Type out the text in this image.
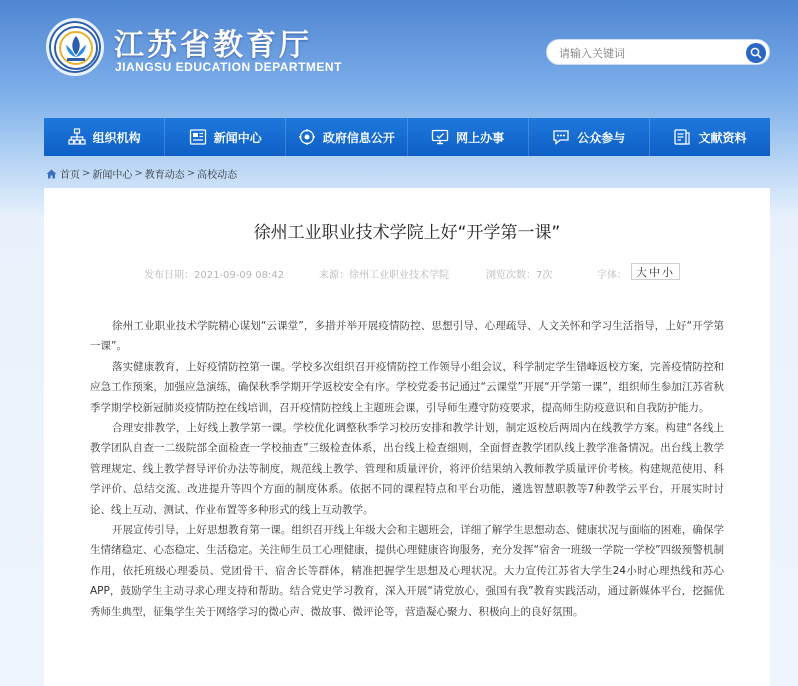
江苏省教育厅
JIANGSU EDUCATION DEPARTMENT
请输入关键词
组织机构	新闻中心	政府信息公开	网上办事	公众参与	文献资料
首页 > 新闻中心 > 教育动态 > 高校动态
徐州工业职业技术学院上好“开学第一课”
发布日期：2021-09-09 08:42	来源：徐州工业职业技术学院	浏览次数：7次	字体： 大 中 小

徐州工业职业技术学院精心谋划“云课堂”，多措并举开展疫情防控、思想引导、心理疏导、人文关怀和学习生活指导，上好“开学第一课”。

落实健康教育，上好疫情防控第一课。学校多次组织召开疫情防控工作领导小组会议，科学制定学生错峰返校方案，完善疫情防控和应急工作预案，加强应急演练，确保秋季学期开学返校安全有序。学校党委书记通过“云课堂”开展“开学第一课”，组织师生参加江苏省秋季学期学校新冠肺炎疫情防控在线培训，召开疫情防控线上主题班会课，引导师生遵守防疫要求，提高师生防疫意识和自我防护能力。

合理安排教学，上好线上教学第一课。学校优化调整秋季学习校历安排和教学计划，制定返校后两周内在线教学方案。构建“各线上教学团队自查一二级院部全面检查一学校抽查”三级检查体系，出台线上检查细则，全面督查教学团队线上教学准备情况。出台线上教学管理规定、线上教学督导评价办法等制度，规范线上教学、管理和质量评价，将评价结果纳入教师教学质量评价考核。构建规范使用、科学评价、总结交流、改进提升等四个方面的制度体系。依据不同的课程特点和平台功能，遴选智慧职教等7种教学云平台，开展实时讨论、线上互动、测试、作业布置等多种形式的线上互动教学。

开展宣传引导，上好思想教育第一课。组织召开线上年级大会和主题班会，详细了解学生思想动态、健康状况与面临的困难，确保学生情绪稳定、心态稳定、生活稳定。关注师生员工心理健康，提供心理健康咨询服务，充分发挥“宿舍一班级一学院一学校”四级预警机制作用，依托班级心理委员、党团骨干、宿舍长等群体，精准把握学生思想及心理状况。大力宣传江苏省大学生24小时心理热线和苏心APP，鼓励学生主动寻求心理支持和帮助。结合党史学习教育，深入开展“请党放心，强国有我”教育实践活动，通过新媒体平台，挖掘优秀师生典型，征集学生关于网络学习的微心声、微故事、微评论等，营造凝心聚力、积极向上的良好氛围。
